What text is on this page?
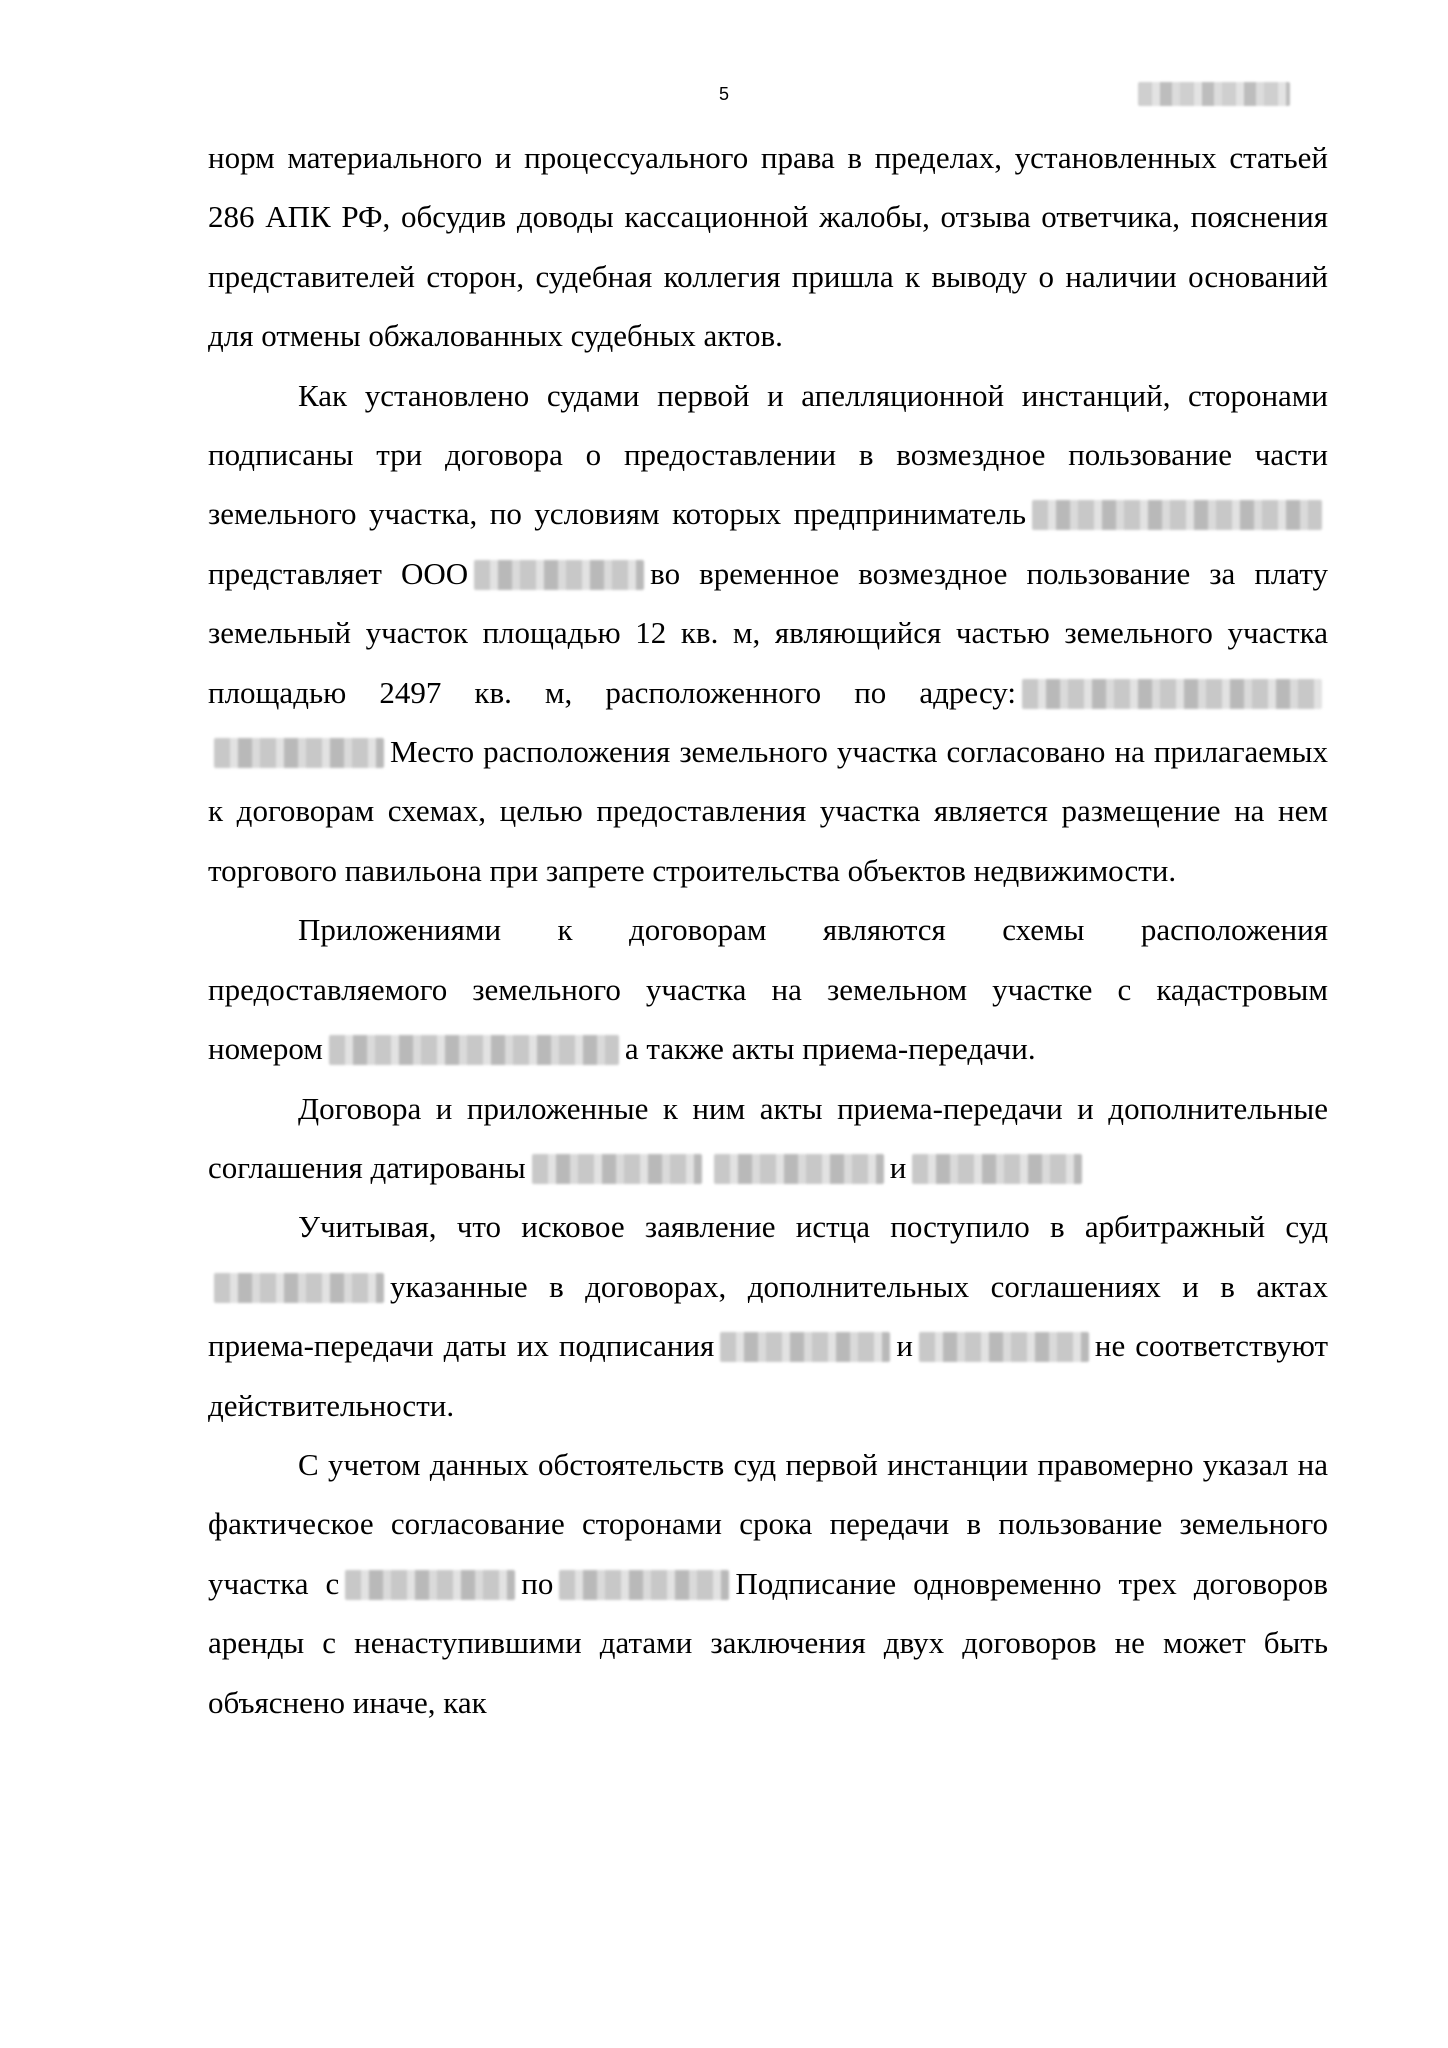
5

норм материального и процессуального права в пределах, установленных статьей 286 АПК РФ, обсудив доводы кассационной жалобы, отзыва ответчика, пояснения представителей сторон, судебная коллегия пришла к выводу о наличии оснований для отмены обжалованных судебных актов.

Как установлено судами первой и апелляционной инстанций, сторонами подписаны три договора о предоставлении в возмездное пользование части земельного участка, по условиям которых предпринимательпредставляет ООО	во временное возмездное пользование за плату земельный участок площадью 12 кв. м, являющийся частью земельного участка площадью 2497 кв. м, расположенного по адресу:Место расположения земельного участка согласовано на прилагаемых к договорам схемах, целью предоставления участка является размещение на нем торгового павильона при запрете строительства объектов недвижимости.

Приложениями к договорам являются схемы расположения предоставляемого земельного участка на земельном участке с кадастровым номером	а также акты приема-передачи.

Договора и приложенные к ним акты приема-передачи и дополнительные соглашения датированы	и

Учитывая, что исковое заявление истца поступило в арбитражный судуказанные в договорах, дополнительных соглашениях и в актах приема-передачи даты их подписания	и	не соответствуют действительности.

С учетом данных обстоятельств суд первой инстанции правомерно указал на фактическое согласование сторонами срока передачи в пользование земельного участка с	по	Подписание одновременно трех договоров аренды с ненаступившими датами заключения двух договоров не может быть объяснено иначе, как
